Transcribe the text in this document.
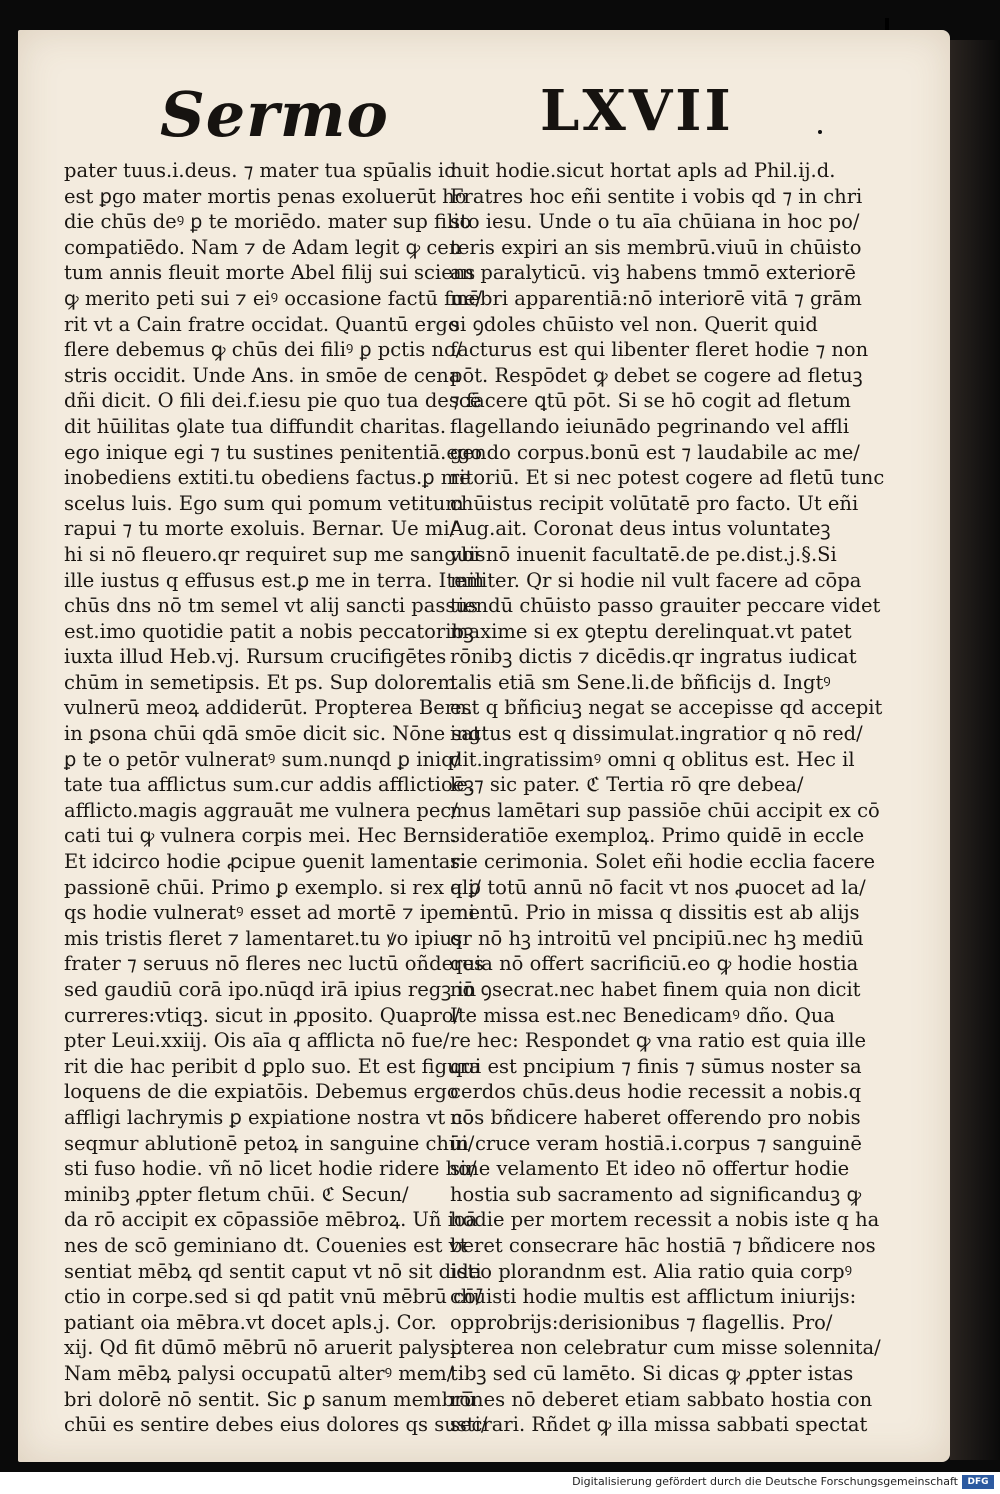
Sermo	LXVII
pater tuus.i.deus. ⁊ mater tua spūalis id
est ꝑgo mater mortis penas exoluerūt ho
die chūs deꝰ ꝑ te moriēdo. mater sup filio
compatiēdo. Nam ⁊ de Adam legit ꝙ cen
tum annis fleuit morte Abel filij sui sciens
ꝙ merito peti sui ⁊ eiꝰ occasione factū fue/
rit vt a Cain fratre occidat. Quantū ergo
flere debemus ꝙ chūs dei filiꝰ ꝑ pctis no/
stris occidit. Unde Ans. in smōe de cena
dñi dicit. O fili dei.f.iesu pie quo tua descē
dit hūilitas ꝯlate tua diffundit charitas.
ego inique egi ⁊ tu sustines penitentiā.ego
inobediens extiti.tu obediens factus.ꝑ me
scelus luis. Ego sum qui pomum vetitum
rapui ⁊ tu morte exoluis. Bernar. Ue mi/
hi si nō fleuero.qr requiret sup me sanguis
ille iustus q effusus est.ꝑ me in terra. Item
chūs dns nō tm semel vt alij sancti passus
est.imo quotidie patit a nobis peccatoribꝫ
iuxta illud Heb.vj. Rursum crucifigētes
chūm in semetipsis. Et ps. Sup dolorem
vulnerū meoꝝ addiderūt. Propterea Bern.
in ꝑsona chūi qdā smōe dicit sic. Nōne sat
ꝑ te o petōr vulneratꝰ sum.nunqd ꝑ iniq/
tate tua afflictus sum.cur addis afflictioēꝫ
afflicto.magis aggrauāt me vulnera pec/
cati tui ꝙ vulnera corpis mei. Hec Bern.
Et idcirco hodie ꝓcipue ꝯuenit lamentari
passionē chūi. Primo ꝑ exemplo. si rex ali/
qs hodie vulneratꝰ esset ad mortē ⁊ ipe ni
mis tristis fleret ⁊ lamentaret.tu ꝟo ipius
frater ⁊ seruus nō fleres nec luctū oñderes
sed gaudiū corā ipo.nūqd irā ipius regꝫ in
curreres:vtiqꝫ. sicut in ꝓposito. Quapro/
pter Leui.xxiij. Ois aīa q afflicta nō fue/
rit die hac peribit d ꝑplo suo. Et est figura
loquens de die expiatōis. Debemus ergo
affligi lachrymis ꝑ expiatione nostra vt cō
seqmur ablutionē petoꝝ in sanguine chūi/
sti fuso hodie. vñ nō licet hodie ridere ho/
minibꝫ ꝓpter fletum chūi. ℭ Secun/
da rō accipit ex cōpassiōe mēbroꝝ. Uñ ioā
nes de scō geminiano dt. Couenies est vt
sentiat mēbꝝ qd sentit caput vt nō sit disti
ctio in corpe.sed si qd patit vnū mēbrū cō/
patiant oia mēbra.vt docet apls.j. Cor.
xij. Qd fit dūmō mēbrū nō aruerit palysi.
Nam mēbꝝ palysi occupatū alterꝰ mem/
bri dolorē nō sentit. Sic ꝑ sanum membrū
chūi es sentire debes eius dolores qs susti/
nuit hodie.sicut hortat apls ad Phil.ij.d.
Fratres hoc eñi sentite i vobis qd ⁊ in chri
sto iesu. Unde o tu aīa chūiana in hoc po/
teris expiri an sis membrū.viuū in chūisto
an paralyticū. viꝫ habens tmmō exteriorē
mēbri apparentiā:nō interiorē vitā ⁊ grām
si ꝯdoles chūisto vel non. Querit quid
facturus est qui libenter fleret hodie ⁊ non
pōt. Respōdet ꝙ debet se cogere ad fletuꝫ
⁊ facere ꝗtū pōt. Si se hō cogit ad fletum
flagellando ieiunādo pegrinando vel affli
gendo corpus.bonū est ⁊ laudabile ac me/
ritoriū. Et si nec potest cogere ad fletū tunc
chūistus recipit volūtatē pro facto. Ut eñi
Aug.ait. Coronat deus intus voluntateꝫ
vbi nō inuenit facultatē.de pe.dist.j.§.Si
militer. Qr si hodie nil vult facere ad cōpa
tiendū chūisto passo grauiter peccare videt
maxime si ex ꝯteptu derelinquat.vt patet
rōnibꝫ dictis ⁊ dicēdis.qr ingratus iudicat
talis etiā sm Sene.li.de bñficijs d. Ingtꝰ
est q bñficiuꝫ negat se accepisse qd accepit
ingtus est q dissimulat.ingratior q nō red/
dit.ingratissimꝰ omni q oblitus est. Hec il
le.⁊ sic pater. ℭ Tertia rō qre debea/
mus lamētari sup passiōe chūi accipit ex cō
sideratiōe exemploꝝ. Primo quidē in eccle
sie cerimonia. Solet eñi hodie ecclia facere
q ꝑ totū annū nō facit vt nos ꝓuocet ad la/
mentū. Prio in missa q dissitis est ab alijs
qr nō hꝫ introitū vel pncipiū.nec hꝫ mediū
quia nō offert sacrificiū.eo ꝙ hodie hostia
nō ꝯsecrat.nec habet finem quia non dicit
Ite missa est.nec Benedicamꝰ dño. Qua
re hec: Respondet ꝙ vna ratio est quia ille
qui est pncipium ⁊ finis ⁊ sūmus noster sa
cerdos chūs.deus hodie recessit a nobis.q
nos bñdicere haberet offerendo pro nobis
in cruce veram hostiā.i.corpus ⁊ sanguinē
sine velamento Et ideo nō offertur hodie
hostia sub sacramento ad significanduꝫ ꝙ
hodie per mortem recessit a nobis iste q ha
beret consecrare hāc hostiā ⁊ bñdicere nos
ideo plorandnm est. Alia ratio quia corpꝰ
chūisti hodie multis est afflictum iniurijs:
opprobrijs:derisionibus ⁊ flagellis. Pro/
pterea non celebratur cum misse solennita/
tibꝫ sed cū lamēto. Si dicas ꝙ ꝓpter istas
rōnes nō deberet etiam sabbato hostia con
secrari. Rñdet ꝙ illa missa sabbati spectat
Digitalisierung gefördert durch die Deutsche Forschungsgemeinschaft	DFG
